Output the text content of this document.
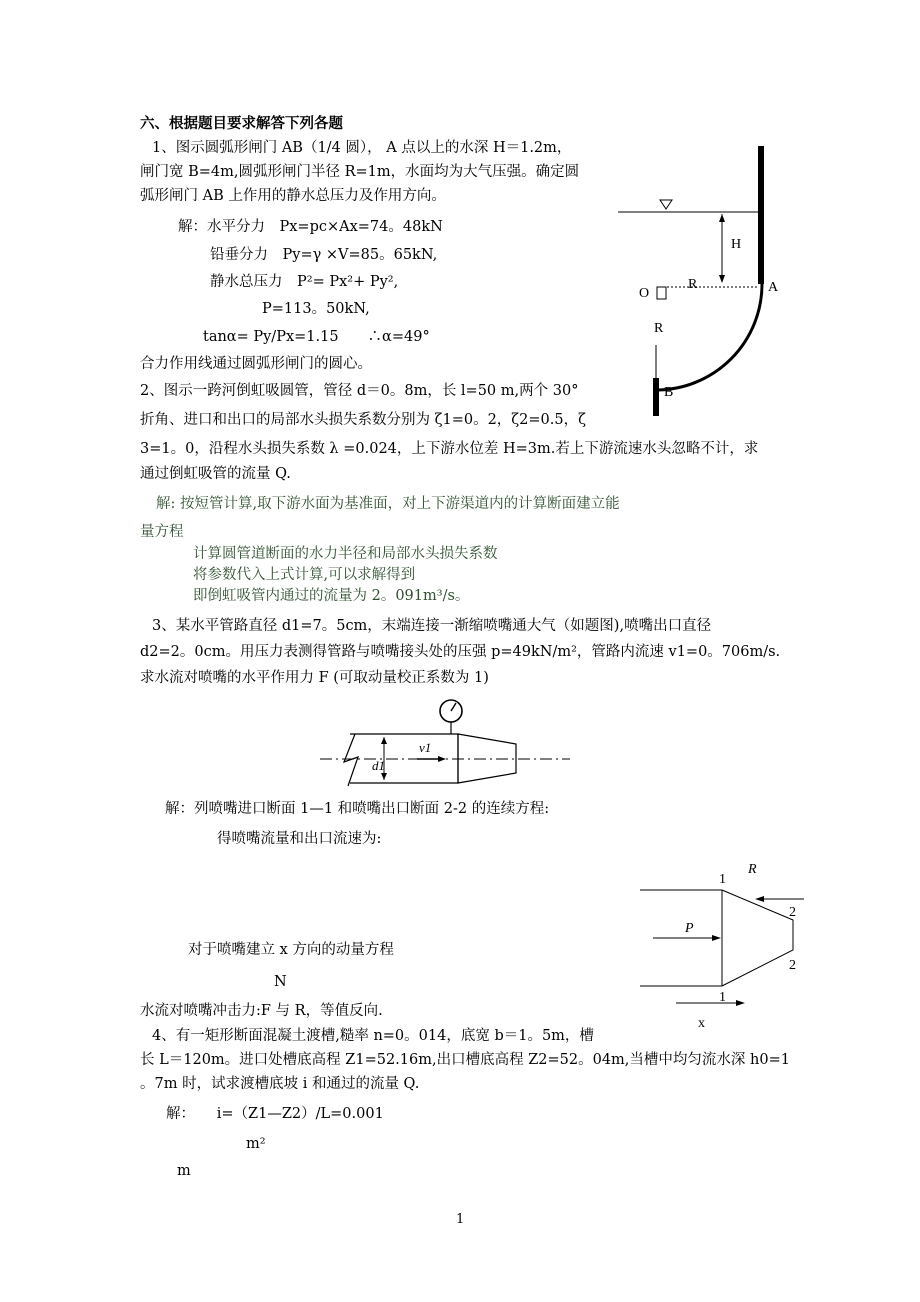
六、根据题目要求解答下列各题
1、图示圆弧形闸门 AB（1/4 圆）， A 点以上的水深 H＝1.2m，
闸门宽 B=4m,圆弧形闸门半径 R=1m，水面均为大气压强。确定圆
弧形闸门 AB 上作用的静水总压力及作用方向。
解：水平分力　Px=pc×Ax=74。48kN
铅垂分力　Py=γ ×V=85。65kN,
静水总压力　P²= Px²+ Py²,
P=113。50kN,
tanα= Py/Px=1.15　　∴α=49°
合力作用线通过圆弧形闸门的圆心。
H
R
O	A
R
B
2、图示一跨河倒虹吸圆管，管径 d＝0。8m，长 l=50 m,两个 30°
折角、进口和出口的局部水头损失系数分别为 ζ1=0。2，ζ2=0.5，ζ
3=1。0，沿程水头损失系数 λ =0.024，上下游水位差 H=3m.若上下游流速水头忽略不计，求
通过倒虹吸管的流量 Q.
解: 按短管计算,取下游水面为基准面，对上下游渠道内的计算断面建立能
量方程
计算圆管道断面的水力半径和局部水头损失系数
将参数代入上式计算,可以求解得到
即倒虹吸管内通过的流量为 2。091m³/s。
3、某水平管路直径 d1=7。5cm，末端连接一渐缩喷嘴通大气（如题图),喷嘴出口直径
d2=2。0cm。用压力表测得管路与喷嘴接头处的压强 p=49kN/m²，管路内流速 v1=0。706m/s.
求水流对喷嘴的水平作用力 F (可取动量校正系数为 1)
v1
d1
解：列喷嘴进口断面 1—1 和喷嘴出口断面 2-2 的连续方程:
得喷嘴流量和出口流速为:
对于喷嘴建立 x 方向的动量方程
N
水流对喷嘴冲击力:F 与 R，等值反向.
1
R
2
P
2
1
x
4、有一矩形断面混凝土渡槽,糙率 n=0。014，底宽 b＝1。5m，槽
长 L＝120m。进口处槽底高程 Z1=52.16m,出口槽底高程 Z2=52。04m,当槽中均匀流水深 h0=1
。7m 时，试求渡槽底坡 i 和通过的流量 Q.
解：　　i=（Z1—Z2）/L=0.001
m²
m
1
